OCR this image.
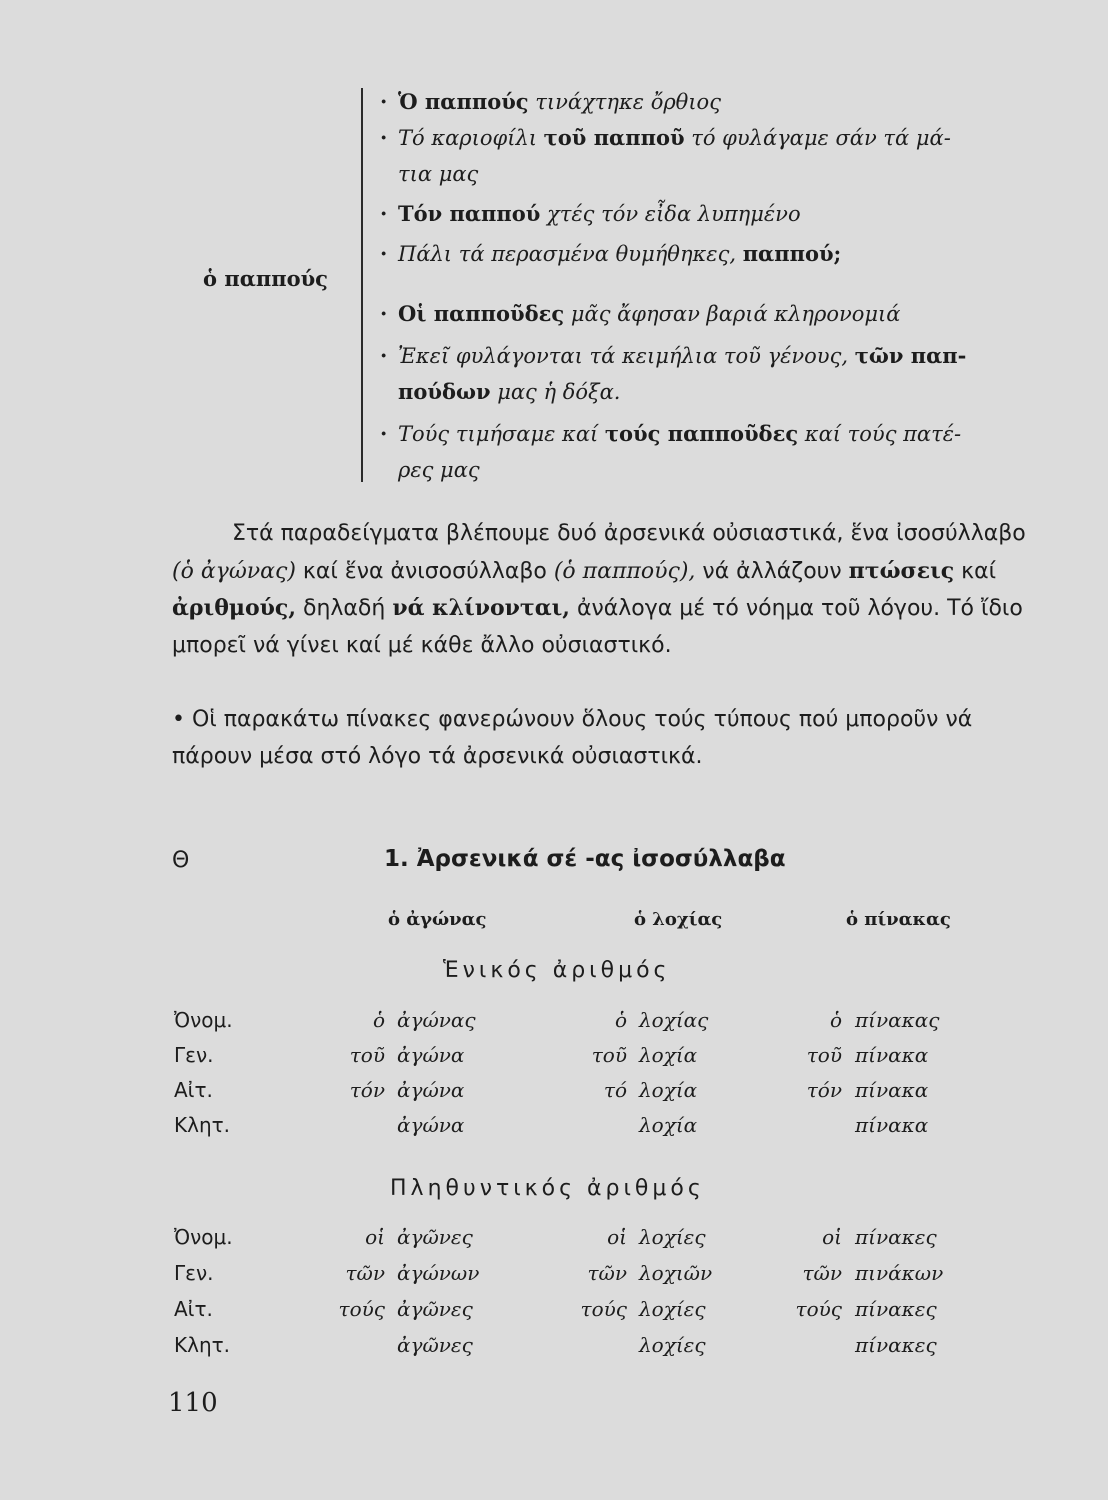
ὁ παππούς
· Ὁ παππούς τινάχτηκε ὄρθιος
· Τό καριοφίλι τοῦ παπποῦ τό φυλάγαμε σάν τά μά-
τια μας
· Τόν παππού χτές τόν εἶδα λυπημένο
· Πάλι τά περασμένα θυμήθηκες, παππού;
· Οἱ παπποῦδες μᾶς ἄφησαν βαριά κληρονομιά
· Ἐκεῖ φυλάγονται τά κειμήλια τοῦ γένους, τῶν παπ-
πούδων μας ἡ δόξα.
· Τούς τιμήσαμε καί τούς παπποῦδες καί τούς πατέ-
ρες μας
Στά παραδείγματα βλέπουμε δυό ἀρσενικά οὐσιαστικά, ἕνα ἰσοσύλλαβο (ὁ ἀγώνας) καί ἕνα ἀνισοσύλλαβο (ὁ παππούς), νά ἀλλάζουν πτώσεις καί ἀριθμούς, δηλαδή νά κλίνονται, ἀνάλογα μέ τό νόημα τοῦ λόγου. Τό ἴδιο μπορεῖ νά γίνει καί μέ κάθε ἄλλο οὐσιαστικό.
• Οἱ παρακάτω πίνακες φανερώνουν ὅλους τούς τύπους πού μποροῦν νά πάρουν μέσα στό λόγο τά ἀρσενικά οὐσιαστικά.
Θ	1. Ἀρσενικά σέ -ας ἰσοσύλλαβα
ὁ ἀγώνας	ὁ λοχίας	ὁ πίνακας
Ἑνικός ἀριθμός
Ὀνομ.	ὁ ἀγώνας	ὁ λοχίας	ὁ πίνακας
Γεν.	τοῦ ἀγώνα	τοῦ λοχία	τοῦ πίνακα
Αἰτ.	τόν ἀγώνα	τό λοχία	τόν πίνακα
Κλητ.	ἀγώνα	λοχία	πίνακα
Πληθυντικός ἀριθμός
Ὀνομ.	οἱ ἀγῶνες	οἱ λοχίες	οἱ πίνακες
Γεν.	τῶν ἀγώνων	τῶν λοχιῶν	τῶν πινάκων
Αἰτ.	τούς ἀγῶνες	τούς λοχίες	τούς πίνακες
Κλητ.	ἀγῶνες	λοχίες	πίνακες
110
